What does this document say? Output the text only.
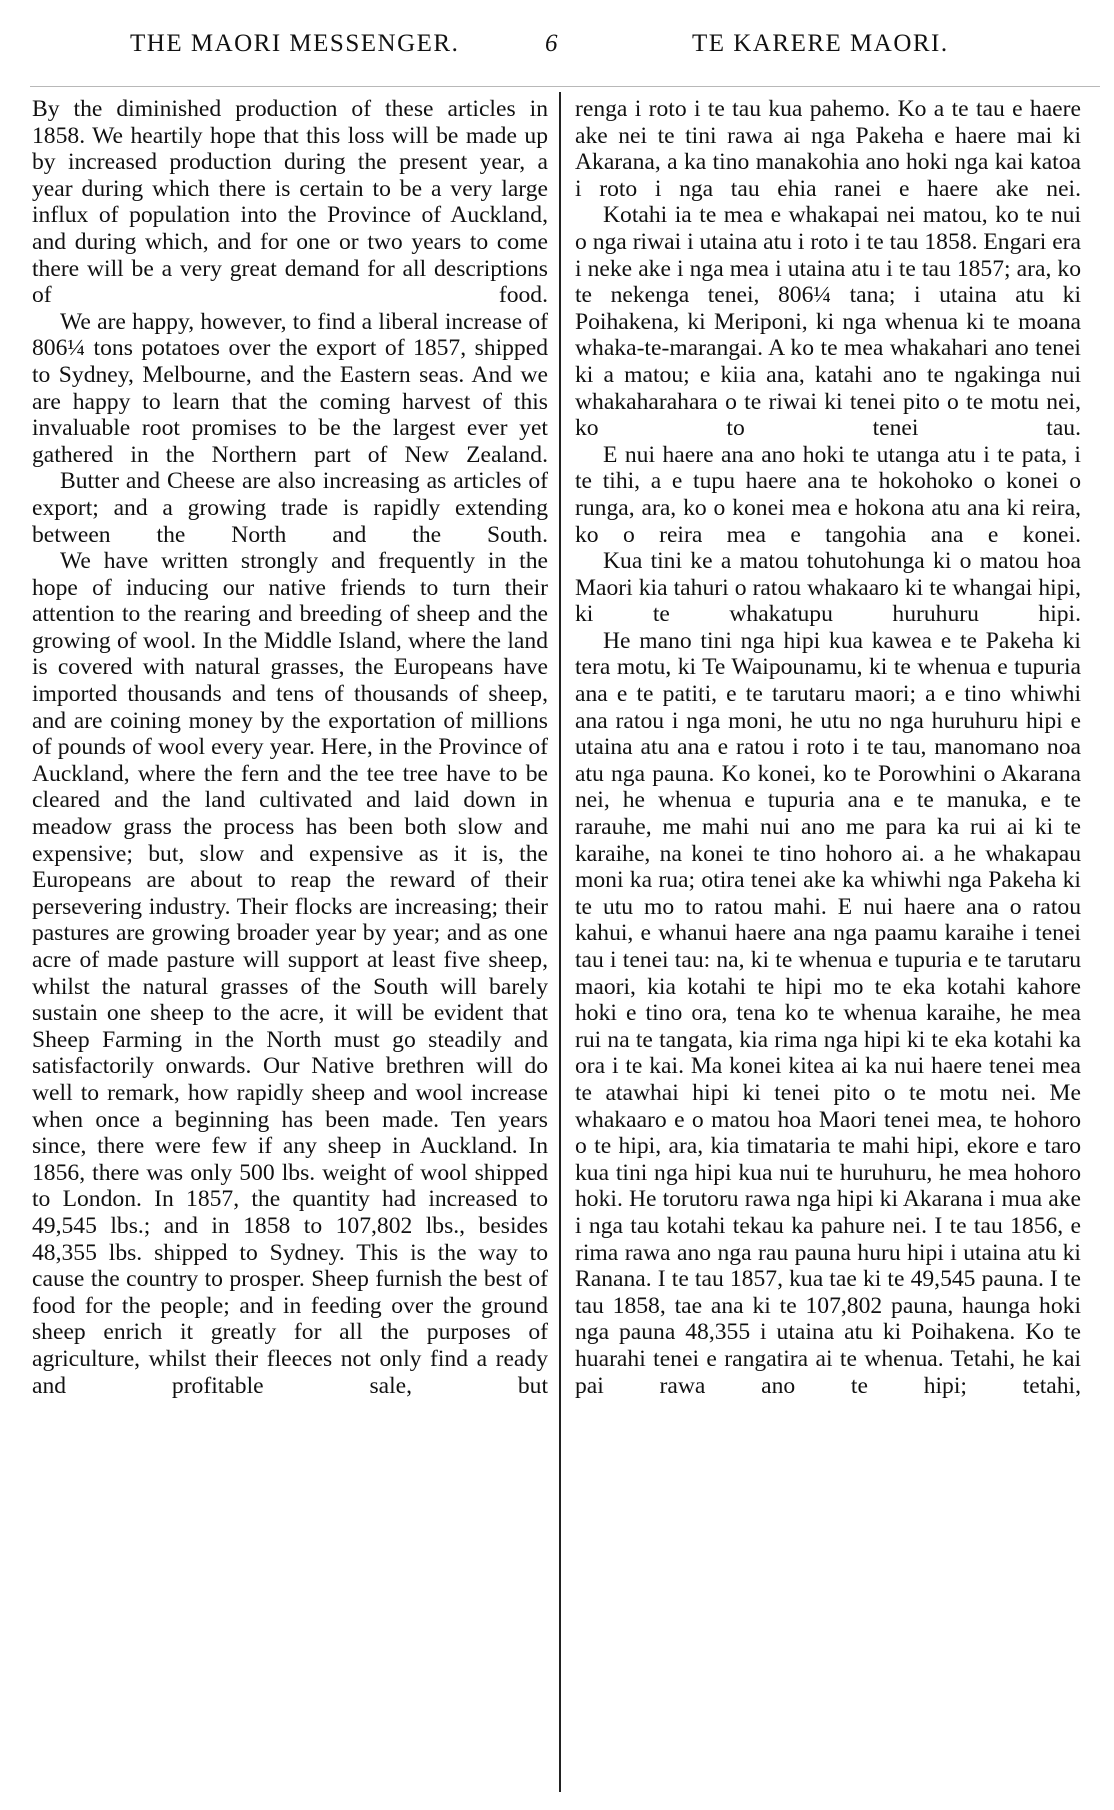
THE MAORI MESSENGER.	6	TE KARERE MAORI.

By the diminished production of these articles in 1858. We heartily hope that this loss will be made up by increased production during the present year, a year during which there is certain to be a very large influx of population into the Province of Auckland, and during which, and for one or two years to come there will be a very great demand for all descriptions of food.

We are happy, however, to find a liberal increase of 806¼ tons potatoes over the export of 1857, shipped to Sydney, Melbourne, and the Eastern seas. And we are happy to learn that the coming harvest of this invaluable root promises to be the largest ever yet gathered in the Northern part of New Zealand.

Butter and Cheese are also increasing as articles of export; and a growing trade is rapidly extending between the North and the South.

We have written strongly and frequently in the hope of inducing our native friends to turn their attention to the rearing and breeding of sheep and the growing of wool. In the Middle Island, where the land is covered with natural grasses, the Europeans have imported thousands and tens of thousands of sheep, and are coining money by the exportation of millions of pounds of wool every year. Here, in the Province of Auckland, where the fern and the tee tree have to be cleared and the land cultivated and laid down in meadow grass the process has been both slow and expensive; but, slow and expensive as it is, the Europeans are about to reap the reward of their persevering industry. Their flocks are increasing; their pastures are growing broader year by year; and as one acre of made pasture will support at least five sheep, whilst the natural grasses of the South will barely sustain one sheep to the acre, it will be evident that Sheep Farming in the North must go steadily and satisfactorily onwards. Our Native brethren will do well to remark, how rapidly sheep and wool increase when once a beginning has been made. Ten years since, there were few if any sheep in Auckland. In 1856, there was only 500 lbs. weight of wool shipped to London. In 1857, the quantity had increased to 49,545 lbs.; and in 1858 to 107,802 lbs., besides 48,355 lbs. shipped to Sydney. This is the way to cause the country to prosper. Sheep furnish the best of food for the people; and in feeding over the ground sheep enrich it greatly for all the purposes of agriculture, whilst their fleeces not only find a ready and profitable sale, but

renga i roto i te tau kua pahemo. Ko a te tau e haere ake nei te tini rawa ai nga Pakeha e haere mai ki Akarana, a ka tino manakohia ano hoki nga kai katoa i roto i nga tau ehia ranei e haere ake nei.

Kotahi ia te mea e whakapai nei matou, ko te nui o nga riwai i utaina atu i roto i te tau 1858. Engari era i neke ake i nga mea i utaina atu i te tau 1857; ara, ko te nekenga tenei, 806¼ tana; i utaina atu ki Poihakena, ki Meriponi, ki nga whenua ki te moana whaka-te-marangai. A ko te mea whakahari ano tenei ki a matou; e kiia ana, katahi ano te ngakinga nui whakaharahara o te riwai ki tenei pito o te motu nei, ko to tenei tau.

E nui haere ana ano hoki te utanga atu i te pata, i te tihi, a e tupu haere ana te hokohoko o konei o runga, ara, ko o konei mea e hokona atu ana ki reira, ko o reira mea e tangohia ana e konei.

Kua tini ke a matou tohutohunga ki o matou hoa Maori kia tahuri o ratou whakaaro ki te whangai hipi, ki te whakatupu huruhuru hipi.

He mano tini nga hipi kua kawea e te Pakeha ki tera motu, ki Te Waipounamu, ki te whenua e tupuria ana e te patiti, e te tarutaru maori; a e tino whiwhi ana ratou i nga moni, he utu no nga huruhuru hipi e utaina atu ana e ratou i roto i te tau, manomano noa atu nga pauna. Ko konei, ko te Porowhini o Akarana nei, he whenua e tupuria ana e te manuka, e te rarauhe, me mahi nui ano me para ka rui ai ki te karaihe, na konei te tino hohoro ai. a he whakapau moni ka rua; otira tenei ake ka whiwhi nga Pakeha ki te utu mo to ratou mahi. E nui haere ana o ratou kahui, e whanui haere ana nga paamu karaihe i tenei tau i tenei tau: na, ki te whenua e tupuria e te tarutaru maori, kia kotahi te hipi mo te eka kotahi kahore hoki e tino ora, tena ko te whenua karaihe, he mea rui na te tangata, kia rima nga hipi ki te eka kotahi ka ora i te kai. Ma konei kitea ai ka nui haere tenei mea te atawhai hipi ki tenei pito o te motu nei. Me whakaaro e o matou hoa Maori tenei mea, te hohoro o te hipi, ara, kia timataria te mahi hipi, ekore e taro kua tini nga hipi kua nui te huruhuru, he mea hohoro hoki. He torutoru rawa nga hipi ki Akarana i mua ake i nga tau kotahi tekau ka pahure nei. I te tau 1856, e rima rawa ano nga rau pauna huru hipi i utaina atu ki Ranana. I te tau 1857, kua tae ki te 49,545 pauna. I te tau 1858, tae ana ki te 107,802 pauna, haunga hoki nga pauna 48,355 i utaina atu ki Poihakena. Ko te huarahi tenei e rangatira ai te whenua. Tetahi, he kai pai rawa ano te hipi; tetahi,
